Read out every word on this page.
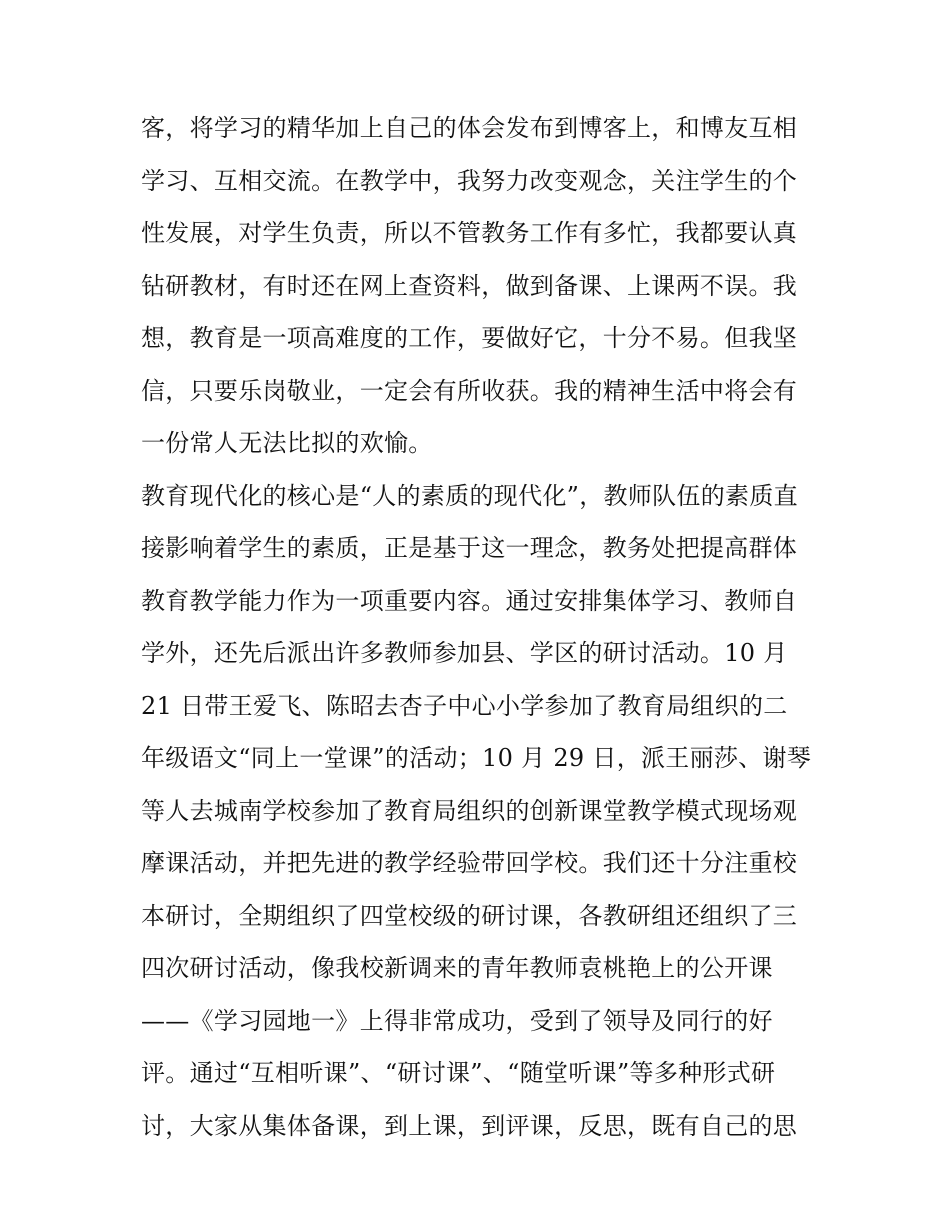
客，将学习的精华加上自己的体会发布到博客上，和博友互相
学习、互相交流。在教学中，我努力改变观念，关注学生的个
性发展，对学生负责，所以不管教务工作有多忙，我都要认真
钻研教材，有时还在网上查资料，做到备课、上课两不误。我
想，教育是一项高难度的工作，要做好它，十分不易。但我坚
信，只要乐岗敬业，一定会有所收获。我的精神生活中将会有
一份常人无法比拟的欢愉。
教育现代化的核心是“人的素质的现代化”，教师队伍的素质直
接影响着学生的素质，正是基于这一理念，教务处把提高群体
教育教学能力作为一项重要内容。通过安排集体学习、教师自
学外，还先后派出许多教师参加县、学区的研讨活动。10 月
21 日带王爱飞、陈昭去杏子中心小学参加了教育局组织的二
年级语文“同上一堂课”的活动；10 月 29 日，派王丽莎、谢琴
等人去城南学校参加了教育局组织的创新课堂教学模式现场观
摩课活动，并把先进的教学经验带回学校。我们还十分注重校
本研讨，全期组织了四堂校级的研讨课，各教研组还组织了三
四次研讨活动，像我校新调来的青年教师袁桃艳上的公开课
——《学习园地一》上得非常成功，受到了领导及同行的好
评。通过“互相听课”、“研讨课”、“随堂听课”等多种形式研
讨，大家从集体备课，到上课，到评课，反思，既有自己的思
